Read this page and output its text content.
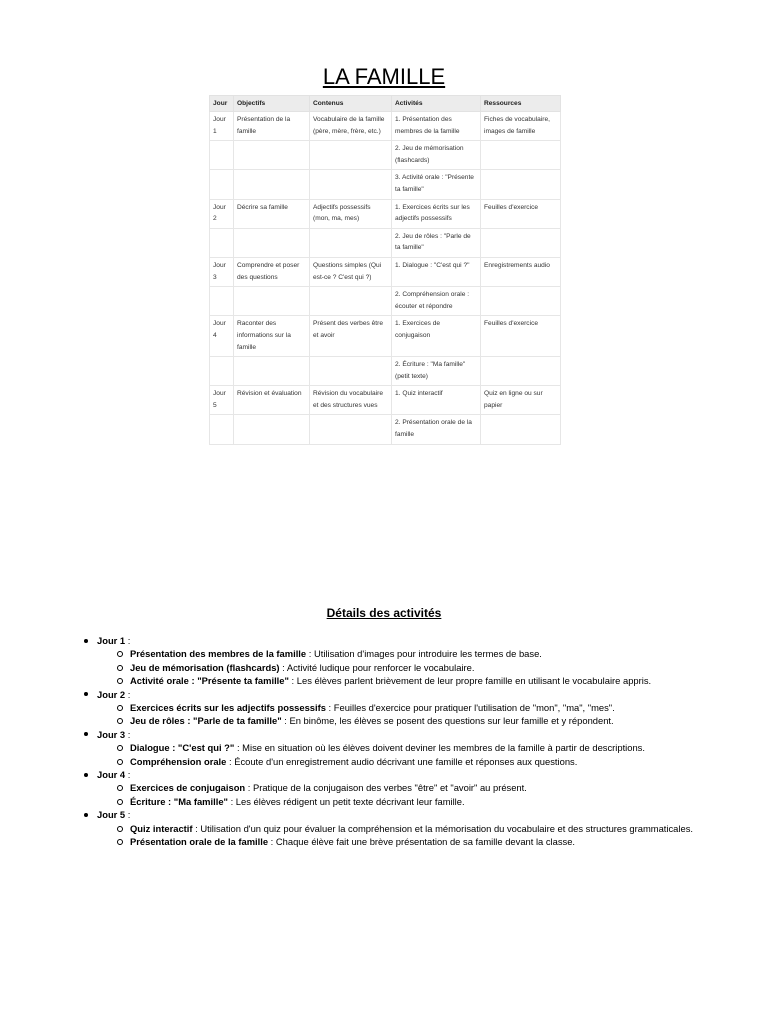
LA FAMILLE
Jour	Objectifs	Contenus	Activités	Ressources
Jour 1	Présentation de la famille	Vocabulaire de la famille (père, mère, frère, etc.)	1. Présentation des membres de la famille	Fiches de vocabulaire, images de famille
			2. Jeu de mémorisation (flashcards)	
			3. Activité orale : "Présente ta famille"	
Jour 2	Décrire sa famille	Adjectifs possessifs (mon, ma, mes)	1. Exercices écrits sur les adjectifs possessifs	Feuilles d'exercice
			2. Jeu de rôles : "Parle de ta famille"	
Jour 3	Comprendre et poser des questions	Questions simples (Qui est-ce ? C'est qui ?)	1. Dialogue : "C'est qui ?"	Enregistrements audio
			2. Compréhension orale : écouter et répondre	
Jour 4	Raconter des informations sur la famille	Présent des verbes être et avoir	1. Exercices de conjugaison	Feuilles d'exercice
			2. Écriture : "Ma famille" (petit texte)	
Jour 5	Révision et évaluation	Révision du vocabulaire et des structures vues	1. Quiz interactif	Quiz en ligne ou sur papier
			2. Présentation orale de la famille	
Détails des activités
Jour 1 :
Présentation des membres de la famille : Utilisation d'images pour introduire les termes de base.
Jeu de mémorisation (flashcards) : Activité ludique pour renforcer le vocabulaire.
Activité orale : "Présente ta famille" : Les élèves parlent brièvement de leur propre famille en utilisant le vocabulaire appris.
Jour 2 :
Exercices écrits sur les adjectifs possessifs : Feuilles d'exercice pour pratiquer l'utilisation de "mon", "ma", "mes".
Jeu de rôles : "Parle de ta famille" : En binôme, les élèves se posent des questions sur leur famille et y répondent.
Jour 3 :
Dialogue : "C'est qui ?" : Mise en situation où les élèves doivent deviner les membres de la famille à partir de descriptions.
Compréhension orale : Écoute d'un enregistrement audio décrivant une famille et réponses aux questions.
Jour 4 :
Exercices de conjugaison : Pratique de la conjugaison des verbes "être" et "avoir" au présent.
Écriture : "Ma famille" : Les élèves rédigent un petit texte décrivant leur famille.
Jour 5 :
Quiz interactif : Utilisation d'un quiz pour évaluer la compréhension et la mémorisation du vocabulaire et des structures grammaticales.
Présentation orale de la famille : Chaque élève fait une brève présentation de sa famille devant la classe.
